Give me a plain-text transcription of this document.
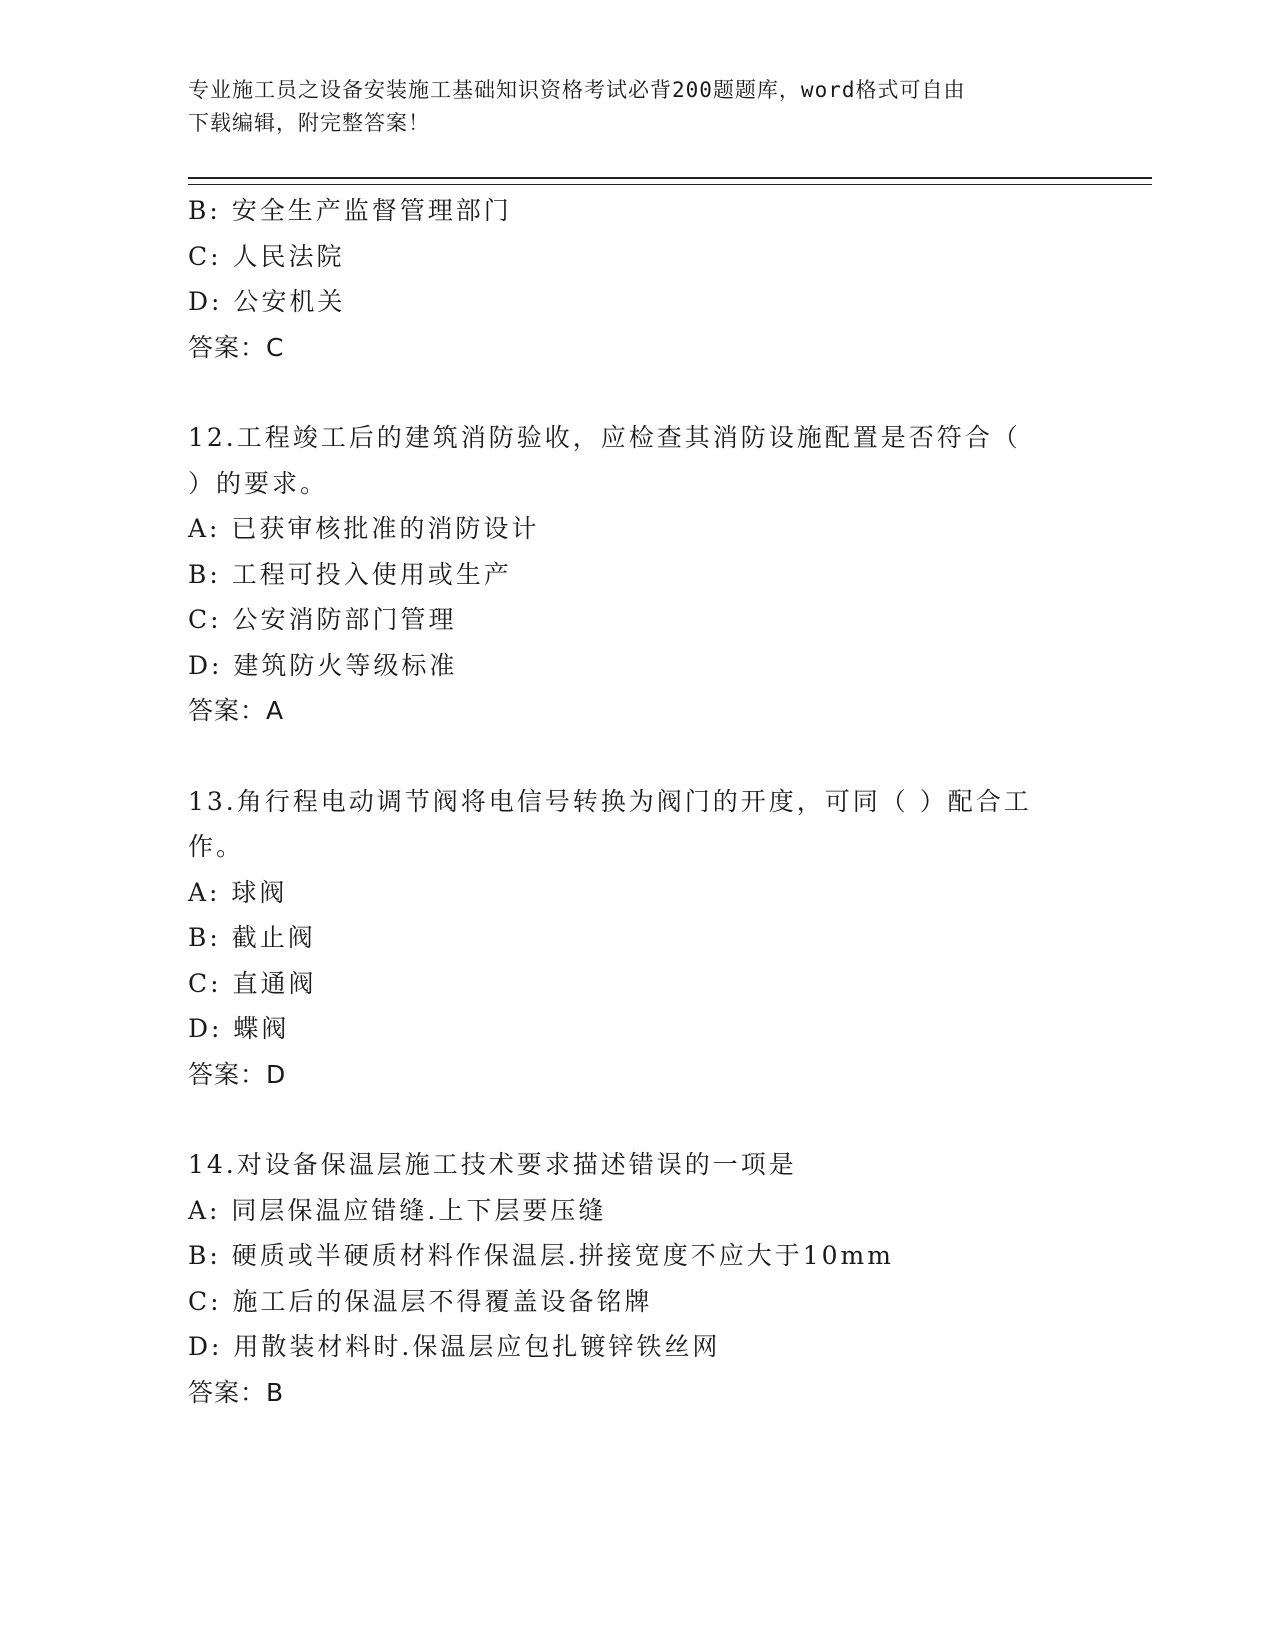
专业施工员之设备安装施工基础知识资格考试必背200题题库，word格式可自由
下载编辑，附完整答案！
B: 安全生产监督管理部门
C: 人民法院
D: 公安机关
答案：C
12.工程竣工后的建筑消防验收，应检查其消防设施配置是否符合（
）的要求。
A: 已获审核批准的消防设计
B: 工程可投入使用或生产
C: 公安消防部门管理
D: 建筑防火等级标准
答案：A
13.角行程电动调节阀将电信号转换为阀门的开度，可同（ ）配合工
作。
A: 球阀
B: 截止阀
C: 直通阀
D: 蝶阀
答案：D
14.对设备保温层施工技术要求描述错误的一项是
A: 同层保温应错缝.上下层要压缝
B: 硬质或半硬质材料作保温层.拼接宽度不应大于10mm
C: 施工后的保温层不得覆盖设备铭牌
D: 用散装材料时.保温层应包扎镀锌铁丝网
答案：B
